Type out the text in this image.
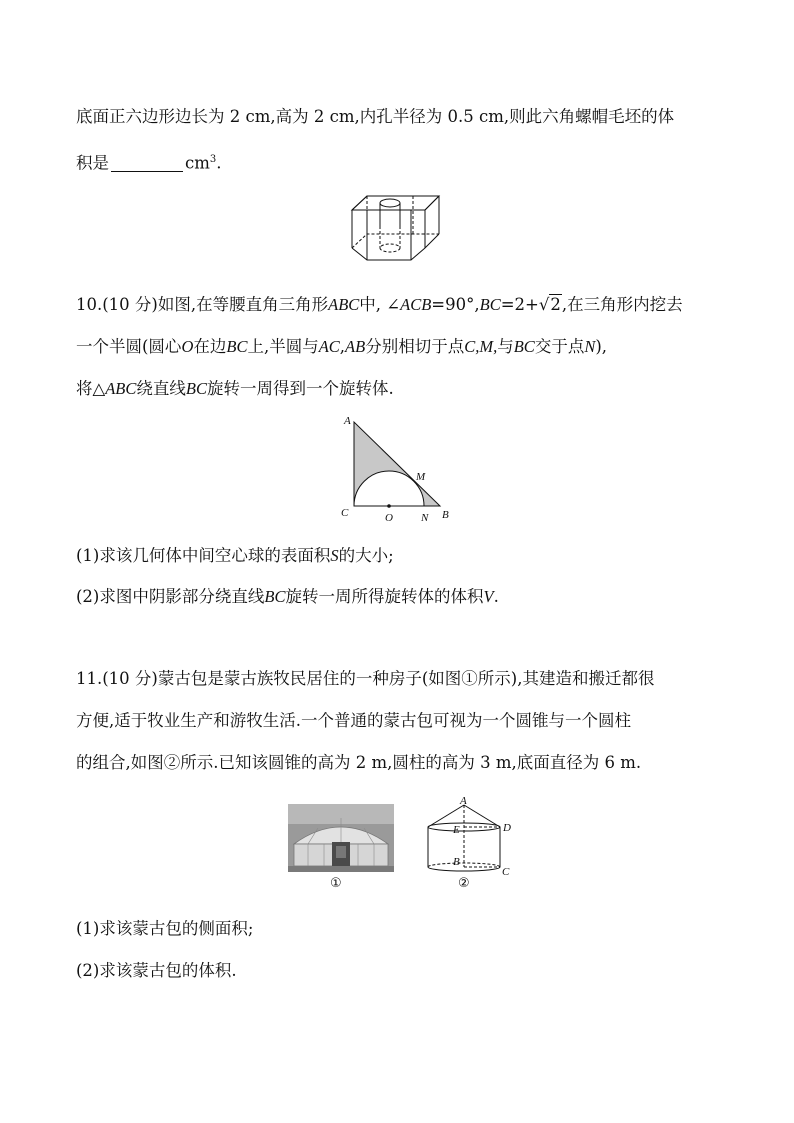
底面正六边形边长为 2 cm,高为 2 cm,内孔半径为 0.5 cm,则此六角螺帽毛坯的体
积是	$cm^3$.
10.(10 分)如图,在等腰直角三角形ABC中, ∠ACB=90°,BC=2+√2,在三角形内挖去
一个半圆(圆心O在边BC上,半圆与AC,AB分别相切于点C,M,与BC交于点N),
将△ABC绕直线BC旋转一周得到一个旋转体.
A
M
C	O	N B
(1)求该几何体中间空心球的表面积S的大小;
(2)求图中阴影部分绕直线BC旋转一周所得旋转体的体积V.
11.(10 分)蒙古包是蒙古族牧民居住的一种房子(如图①所示),其建造和搬迁都很
方便,适于牧业生产和游牧生活.一个普通的蒙古包可视为一个圆锥与一个圆柱
的组合,如图②所示.已知该圆锥的高为 2 m,圆柱的高为 3 m,底面直径为 6 m.
①
A
E	D
B
C
②
(1)求该蒙古包的侧面积;
(2)求该蒙古包的体积.
